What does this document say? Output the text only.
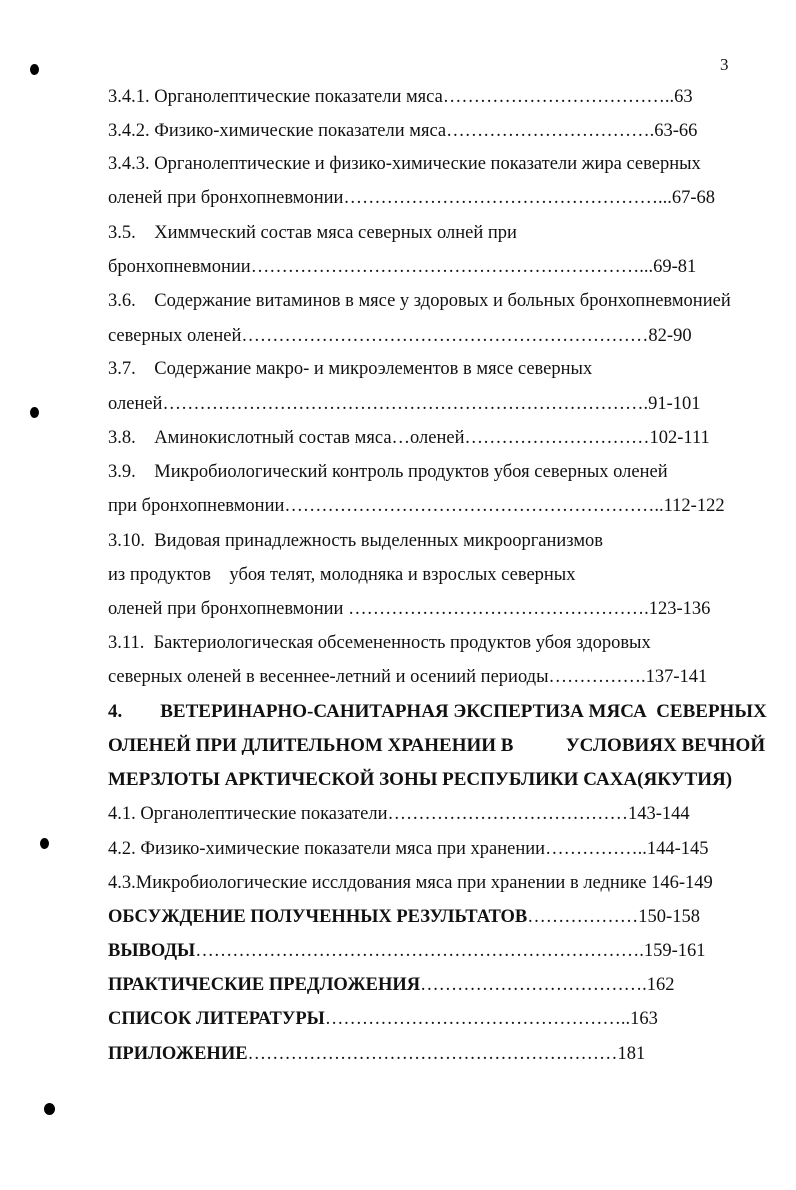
3
3.4.1. Органолептические показатели мяса………………………………..63
3.4.2. Физико-химические показатели мяса…………………………….63-66
3.4.3. Органолептические и физико-химические показатели жира северных
оленей при бронхопневмонии……………………………………………...67-68
3.5.    Химмческий состав мяса северных олней при
бронхопневмонии………………………………………………………...69-81
3.6.    Содержание витаминов в мясе у здоровых и больных бронхопневмонией
северных оленей…………………………………………………………82-90
3.7.    Содержание макро- и микроэлементов в мясе северных
оленей…………………………………………………………………….91-101
3.8.    Аминокислотный состав мяса…оленей…………………………102-111
3.9.    Микробиологический контроль продуктов убоя северных оленей
при бронхопневмонии……………………………………………………..112-122
3.10.  Видовая принадлежность выделенных микроорганизмов
из продуктов    убоя телят, молодняка и взрослых северных
оленей при бронхопневмонии ………………………………………….123-136
3.11.  Бактериологическая обсемененность продуктов убоя здоровых
северных оленей в весеннее-летний и осениий периоды…………….137-141
4.        ВЕТЕРИНАРНО-САНИТАРНАЯ ЭКСПЕРТИЗА МЯСА  СЕВЕРНЫХ
ОЛЕНЕЙ ПРИ ДЛИТЕЛЬНОМ ХРАНЕНИИ В           УСЛОВИЯХ ВЕЧНОЙ
МЕРЗЛОТЫ АРКТИЧЕСКОЙ ЗОНЫ РЕСПУБЛИКИ САХА(ЯКУТИЯ)
4.1. Органолептические показатели…………………………………143-144
4.2. Физико-химические показатели мяса при хранении……………..144-145
4.3.Микробиологические исслдования мяса при хранении в леднике 146-149
ОБСУЖДЕНИЕ ПОЛУЧЕННЫХ РЕЗУЛЬТАТОВ………………150-158
ВЫВОДЫ……………………………………………………………….159-161
ПРАКТИЧЕСКИЕ ПРЕДЛОЖЕНИЯ……………………………….162
СПИСОК ЛИТЕРАТУРЫ…………………………………………..163
ПРИЛОЖЕНИЕ……………………………………………………181
